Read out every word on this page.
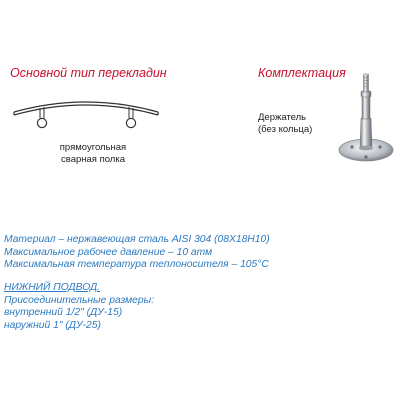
Основной тип перекладин
прямоугольная
сварная полка
Комплектация
Держатель
(без кольца)
Материал – нержавеющая сталь AISI 304 (08Х18Н10)
Максимальное рабочее давление – 10 атм
Максимальная температура теплоносителя – 105°С
НИЖНИЙ ПОДВОД.
Присоединительные размеры:
внутренний 1/2" (ДУ-15)
наружний 1" (ДУ-25)
